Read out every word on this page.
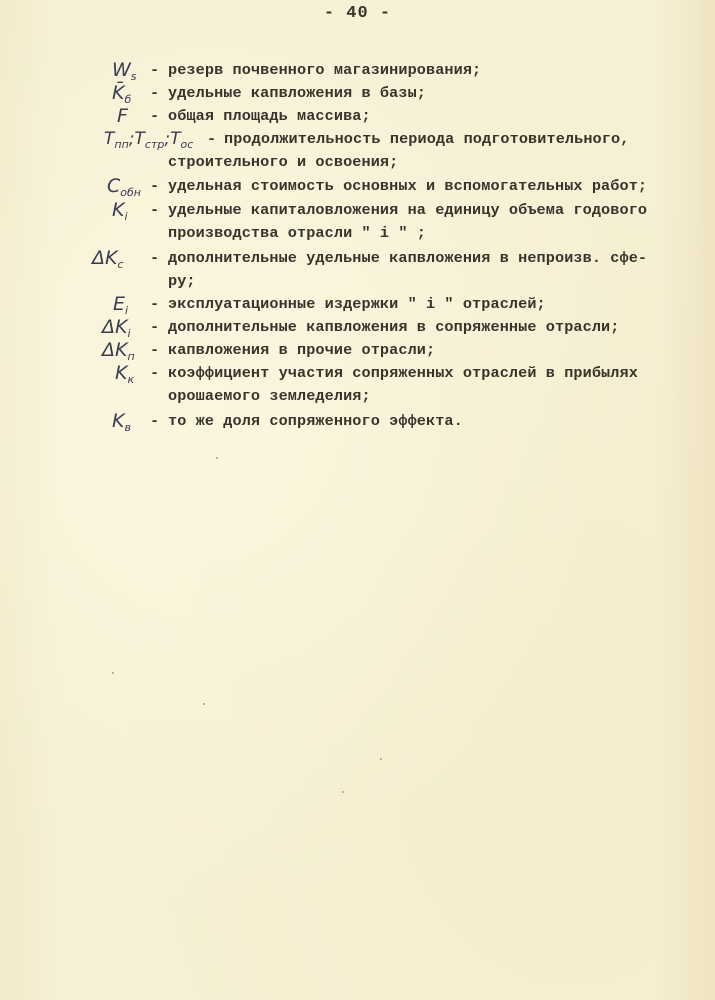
- 40 -
$W_s$ - резерв почвенного магазинирования;
$K̄_б$ - удельные капвложения в базы;
F - общая площадь массива;
$T_{пп};T_{стр};T_{ос}$ - продолжительность периода подготовительного,
строительного и освоения;
$C_{обн}$ - удельная стоимость основных и вспомогательных работ;
$K_i$ - удельные капиталовложения на единицу объема годового
производства отрасли " i " ;
$\Delta K_c$ - дополнительные удельные капвложения в непроизв. сфе-
ру;
$E_i$ - эксплуатационные издержки " i " отраслей;
$\Delta K_i$ - дополнительные капвложения в сопряженные отрасли;
$\Delta K_п$ - капвложения в прочие отрасли;
$K_к$ - коэффициент участия сопряженных отраслей в прибылях
орошаемого земледелия;
$K_в$ - то же доля сопряженного эффекта.
